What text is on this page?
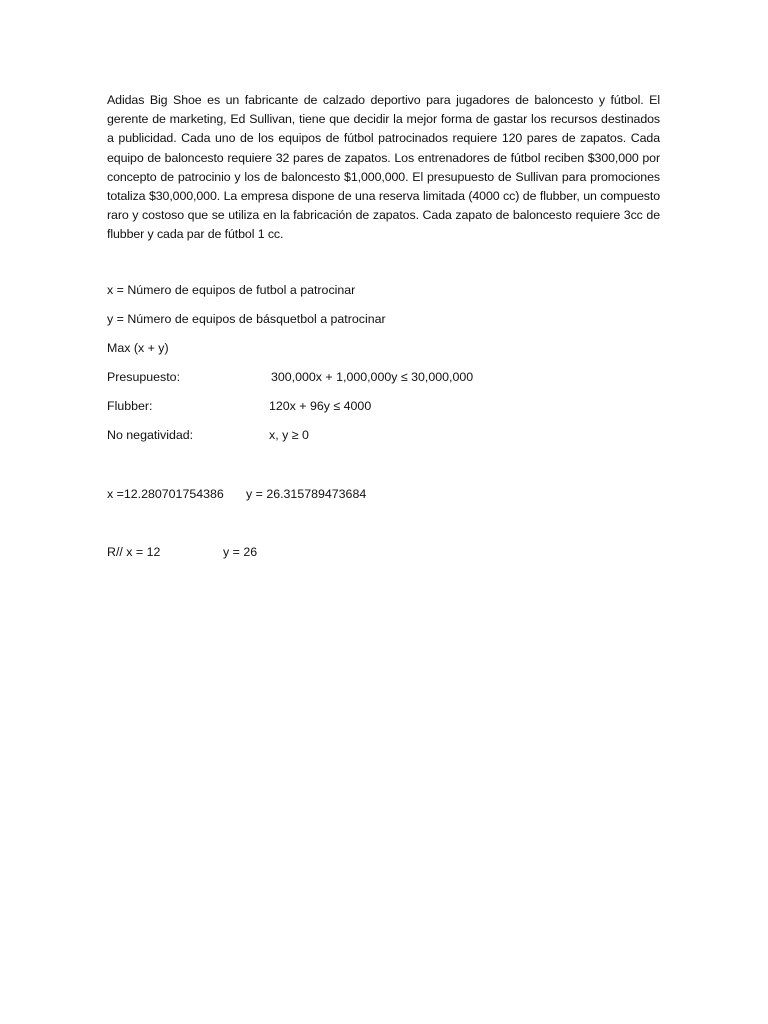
Adidas Big Shoe es un fabricante de calzado deportivo para jugadores de baloncesto y fútbol. El gerente de marketing, Ed Sullivan, tiene que decidir la mejor forma de gastar los recursos destinados a publicidad. Cada uno de los equipos de fútbol patrocinados requiere 120 pares de zapatos. Cada equipo de baloncesto requiere 32 pares de zapatos. Los entrenadores de fútbol reciben $300,000 por concepto de patrocinio y los de baloncesto $1,000,000. El presupuesto de Sullivan para promociones totaliza $30,000,000. La empresa dispone de una reserva limitada (4000 cc) de flubber, un compuesto raro y costoso que se utiliza en la fabricación de zapatos. Cada zapato de baloncesto requiere 3cc de flubber y cada par de fútbol 1 cc.

x = Número de equipos de futbol a patrocinar
y = Número de equipos de básquetbol a patrocinar
Max (x + y)
Presupuesto:	300,000x + 1,000,000y ≤ 30,000,000
Flubber:	120x + 96y ≤ 4000
No negatividad:	x, y ≥ 0
x =12.280701754386 y = 26.315789473684
R// x = 12	y = 26
